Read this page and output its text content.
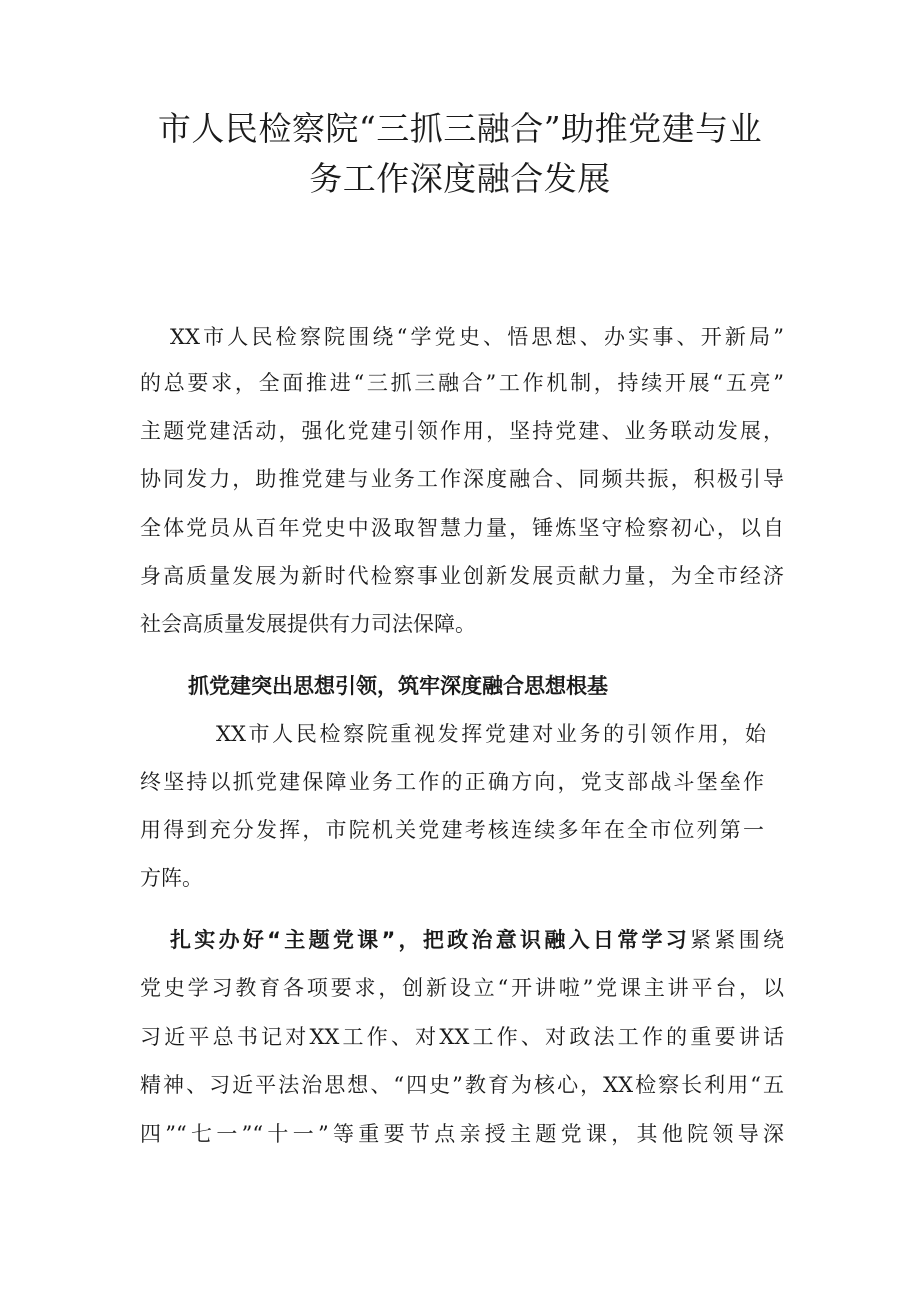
市人民检察院“三抓三融合”助推党建与业
务工作深度融合发展
XX市人民检察院围绕“学党史、悟思想、办实事、开新局”
的总要求，全面推进“三抓三融合”工作机制，持续开展“五亮”
主题党建活动，强化党建引领作用，坚持党建、业务联动发展，
协同发力，助推党建与业务工作深度融合、同频共振，积极引导
全体党员从百年党史中汲取智慧力量，锤炼坚守检察初心，以自
身高质量发展为新时代检察事业创新发展贡献力量，为全市经济
社会高质量发展提供有力司法保障。
抓党建突出思想引领，筑牢深度融合思想根基
XX市人民检察院重视发挥党建对业务的引领作用，始
终坚持以抓党建保障业务工作的正确方向，党支部战斗堡垒作
用得到充分发挥，市院机关党建考核连续多年在全市位列第一
方阵。
扎实办好“主题党课”，把政治意识融入日常学习紧紧围绕
党史学习教育各项要求，创新设立“开讲啦”党课主讲平台，以
习近平总书记对XX工作、对XX工作、对政法工作的重要讲话
精神、习近平法治思想、“四史”教育为核心，XX检察长利用“五
四”“七一”“十一”等重要节点亲授主题党课，其他院领导深
